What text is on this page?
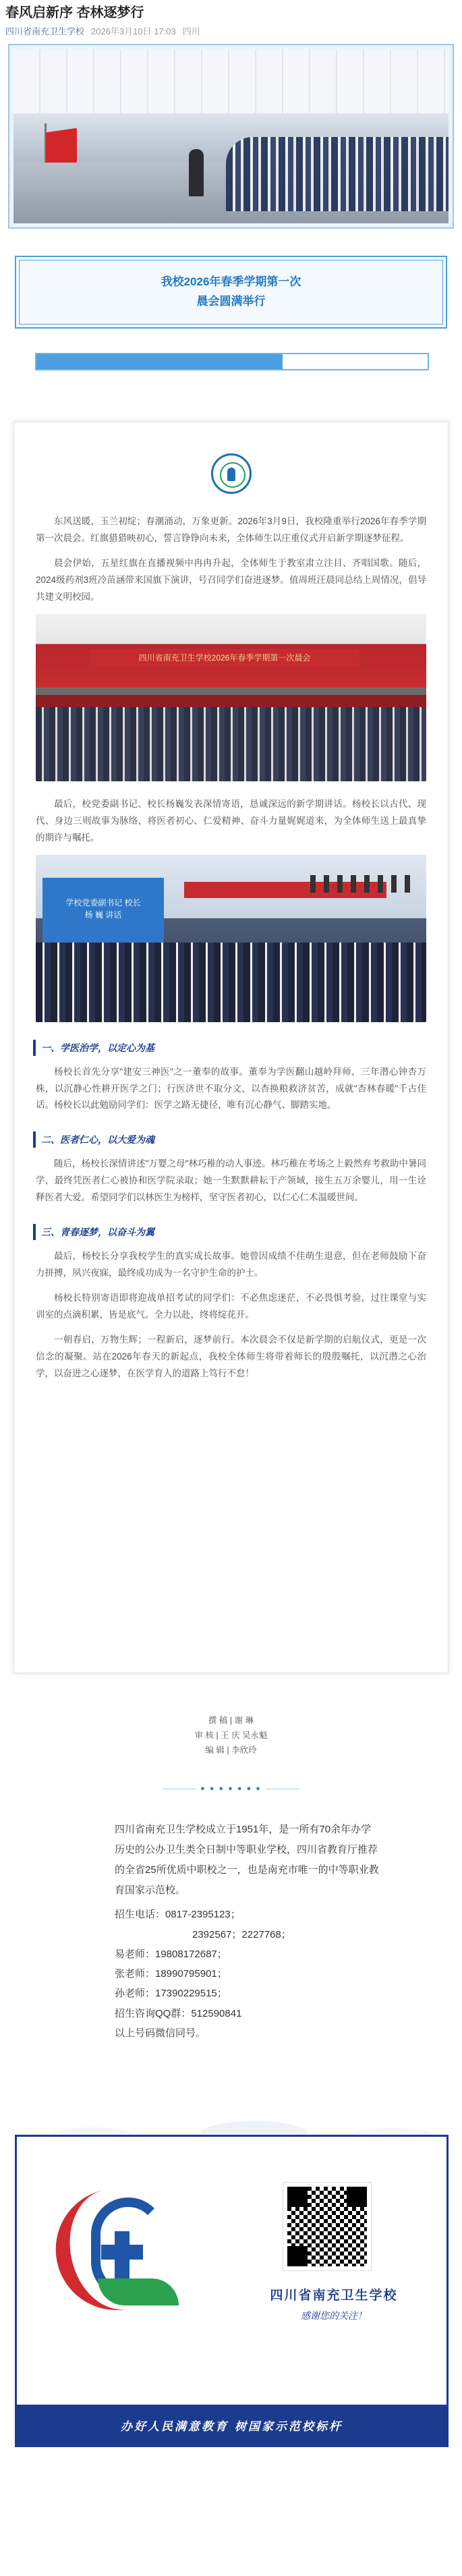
春风启新序 杏林逐梦行
四川省南充卫生学校 2026年3月10日 17:03 四川
我校2026年春季学期第一次
晨会圆满举行

东风送暖，玉兰初绽；春潮涌动，万象更新。2026年3月9日，我校隆重举行2026年春季学期第一次晨会。红旗猎猎映初心，誓言铮铮向未来，全体师生以庄重仪式开启新学期逐梦征程。

晨会伊始，五星红旗在直播视频中冉冉升起，全体师生于教室肃立注目、齐唱国歌。随后，2024级药剂3班冷苗涵带来国旗下演讲，号召同学们奋进逐梦。值周班汪晨同总结上周情况，倡导共建文明校园。

四川省南充卫生学校2026年春季学期第一次晨会

最后，校党委副书记、校长杨巍发表深情寄语，恳诚深远的新学期讲话。杨校长以古代、现代、身边三则故事为脉络，将医者初心、仁爱精神、奋斗力量娓娓道来，为全体师生送上最真挚的期许与嘱托。

学校党委副书记 校长
杨 巍 讲话
一、学医治学，以定心为基

杨校长首先分享"建安三神医"之一董奉的故事。董奉为学医翻山越岭拜师，三年潜心钟杏万株，以沉静心性耕开医学之门；行医济世不取分文，以杏换粮救济贫苦，成就"杏林春暖"千古佳话。杨校长以此勉励同学们：医学之路无捷径，唯有沉心静气、脚踏实地。

二、医者仁心，以大爱为魂

随后，杨校长深情讲述"万婴之母"林巧稚的动人事迹。林巧稚在考场之上毅然弃考救助中暑同学，最终凭医者仁心被协和医学院录取；她一生默默耕耘于产领域，接生五万余婴儿，用一生诠释医者大爱。希望同学们以林医生为榜样，坚守医者初心，以仁心仁术温暖世间。

三、青春逐梦，以奋斗为翼

最后，杨校长分享我校学生的真实成长故事。她曾因成绩不佳萌生退意，但在老师鼓励下奋力拼搏，夙兴夜寐，最终成功成为一名守护生命的护士。

杨校长特别寄语即将迎战单招考试的同学们：不必焦虑迷茫，不必畏惧考验，过往课堂与实训室的点滴积累，皆是底气。全力以赴，终将绽花开。

一朝春启，万物生辉；一程新启，逐梦前行。本次晨会不仅是新学期的启航仪式，更是一次信念的凝聚。站在2026年春天的新起点，我校全体师生将带着师长的殷殷嘱托，以沉潜之心治学，以奋进之心逐梦，在医学育人的道路上笃行不怠！

撰 稿 | 谢 琳
审 核 | 王 庆 吴永魁
编 辑 | 李欣玲
● ● ● ● ● ● ●

四川省南充卫生学校成立于1951年，是一所有70余年办学历史的公办卫生类全日制中等职业学校，四川省教育厅推荐的全省25所优质中职校之一，也是南充市唯一的中等职业教育国家示范校。

招生电话：0817-2395123；
2392567；2227768；
易老师：19808172687；
张老师：18990795901；
孙老师：17390229515；
招生咨询QQ群：512590841
以上号码微信同号。
四川省南充卫生学校
感谢您的关注！
办好人民满意教育 树国家示范校标杆
